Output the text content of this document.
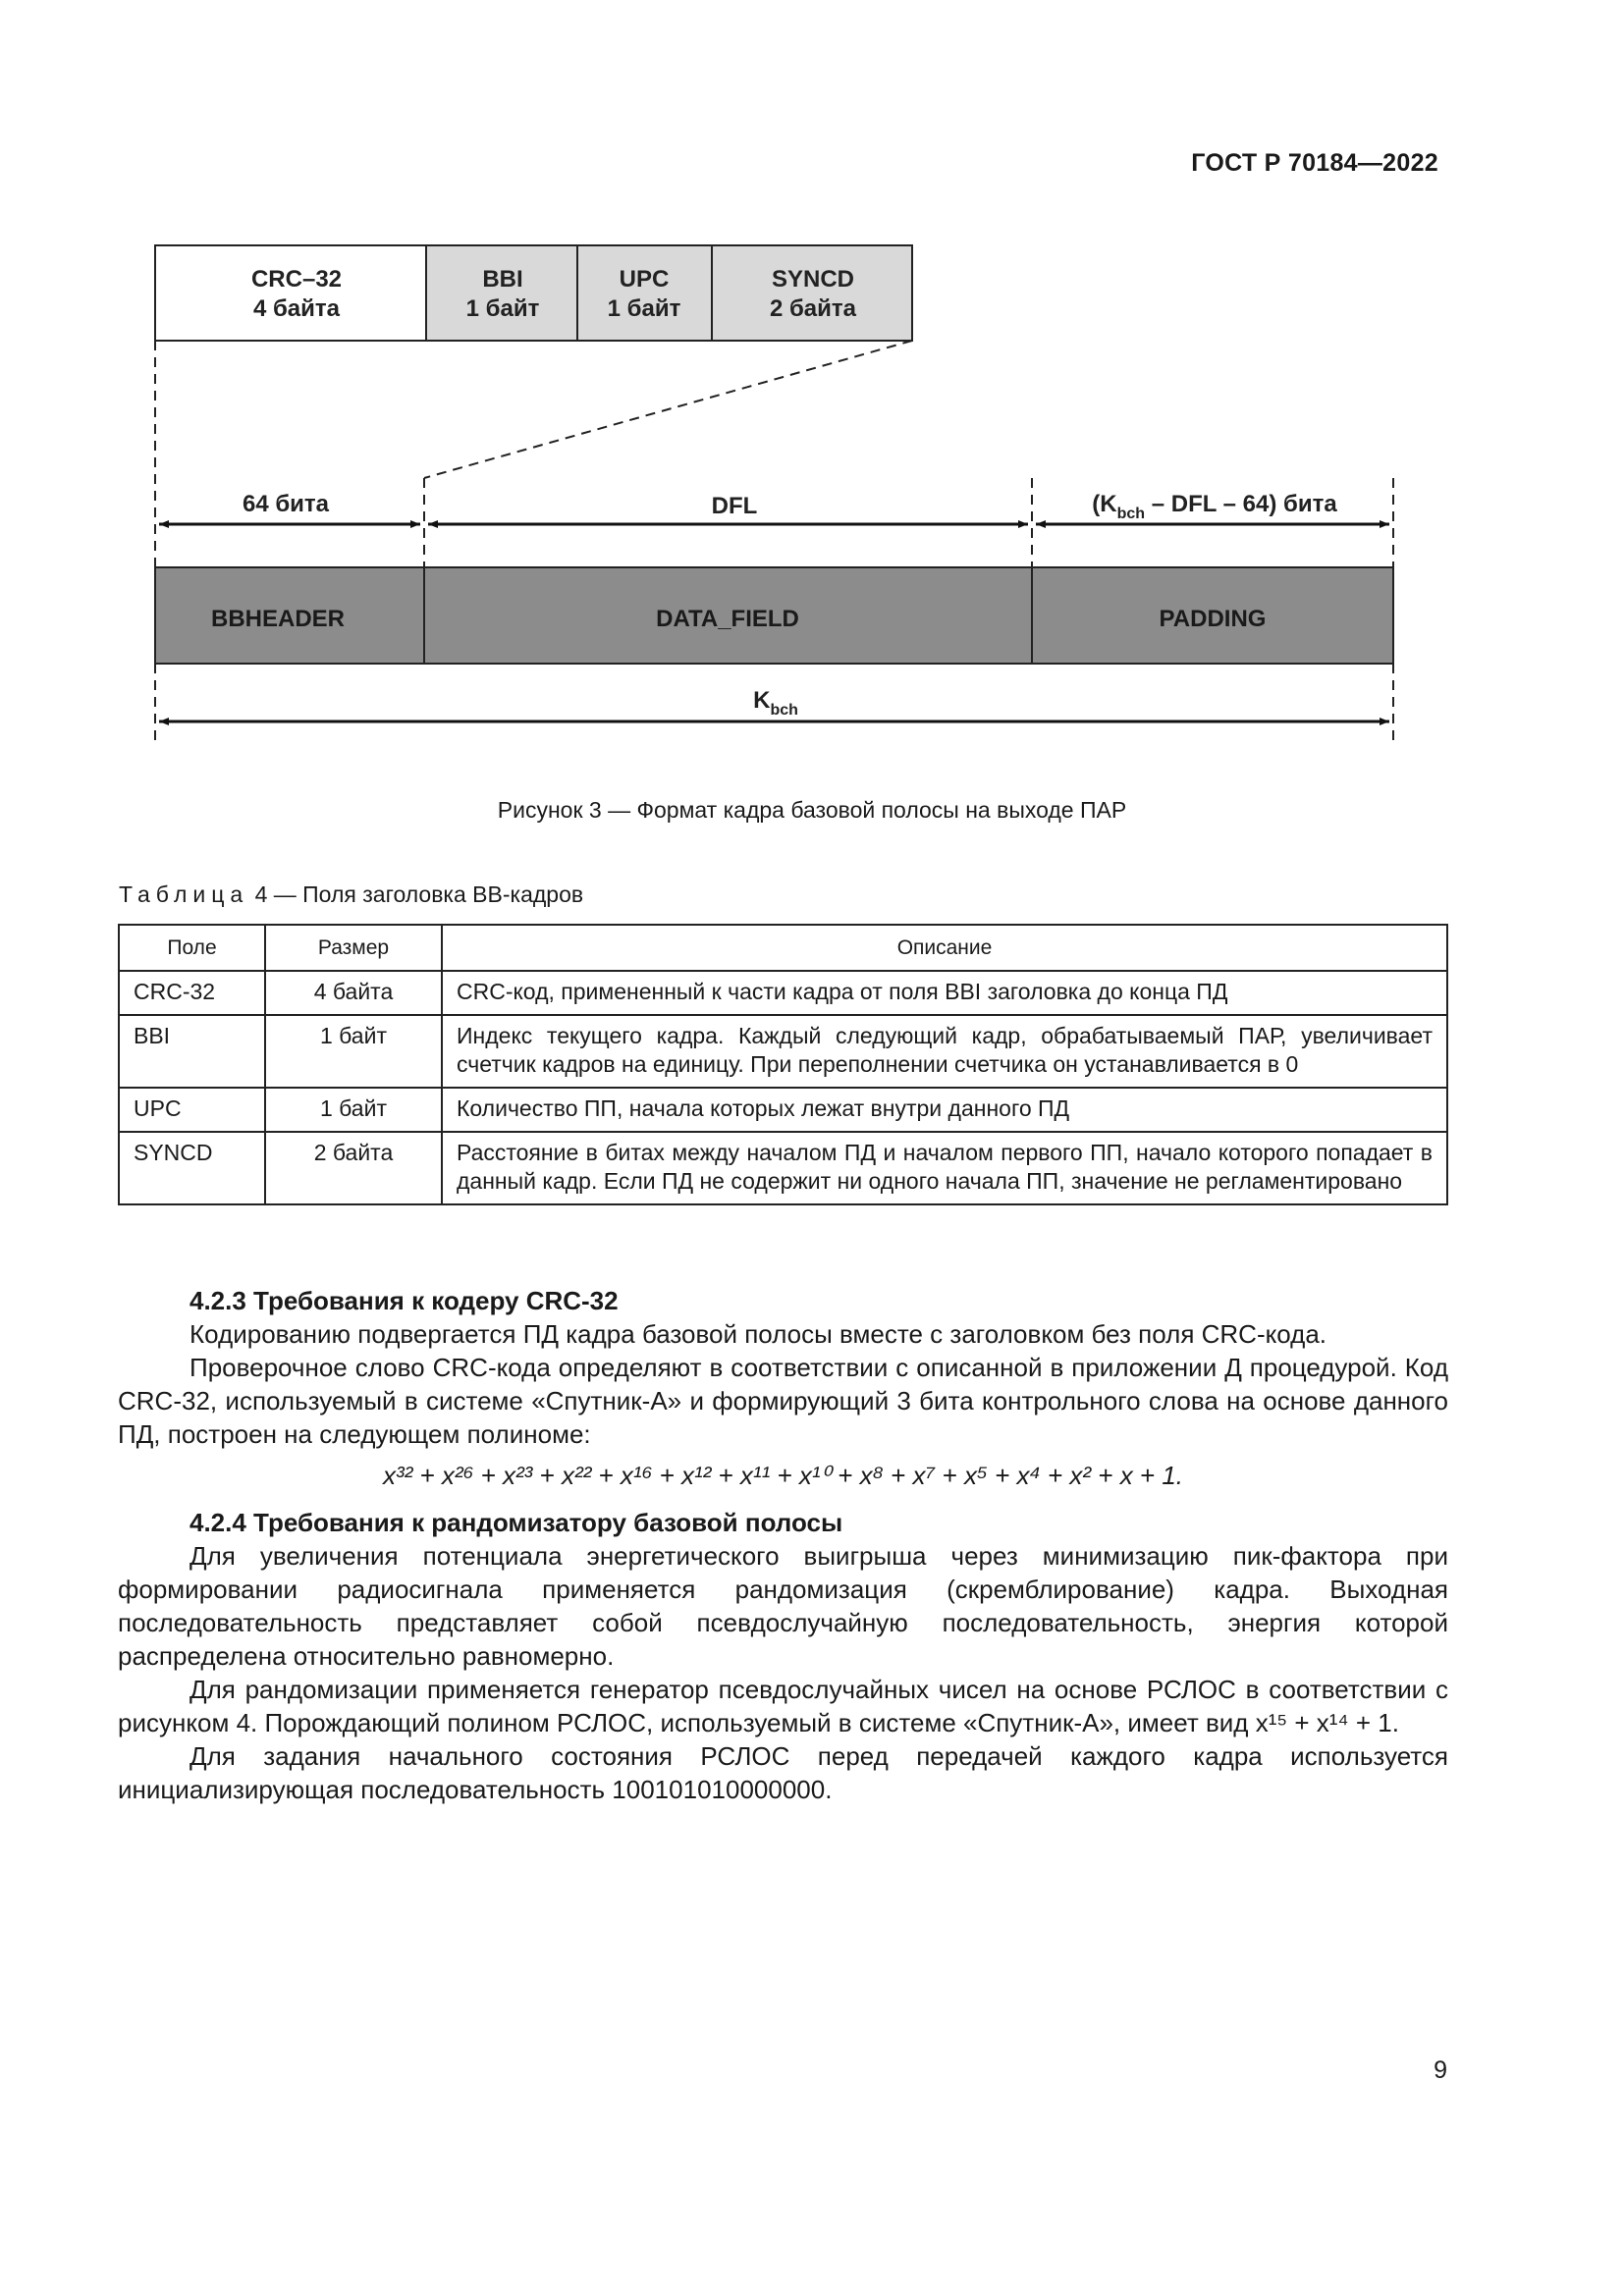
ГОСТ Р 70184—2022
CRC–32
4 байта
BBI
1 байт
UPC
1 байт
SYNCD
2 байта
64 бита	DFL	($K_{bch}$ – DFL – 64) бита
$K_{bch}$
BBHEADER	DATA_FIELD	PADDING
Рисунок 3 — Формат кадра базовой полосы на выходе ПАР
Таблица 4 — Поля заголовка BB-кадров
Поле	Размер	Описание
CRC-32	4 байта	CRC-код, примененный к части кадра от поля BBI заголовка до конца ПД
BBI	1 байт	Индекс текущего кадра. Каждый следующий кадр, обрабатываемый ПАР, увеличивает счетчик кадров на единицу. При переполнении счетчика он устанавливается в 0
UPC	1 байт	Количество ПП, начала которых лежат внутри данного ПД
SYNCD	2 байта	Расстояние в битах между началом ПД и началом первого ПП, начало которого попадает в данный кадр. Если ПД не содержит ни одного начала ПП, значение не регламентировано
4.2.3 Требования к кодеру CRC-32

Кодированию подвергается ПД кадра базовой полосы вместе с заголовком без поля CRC-кода.

Проверочное слово CRC-кода определяют в соответствии с описанной в приложении Д процедурой. Код CRC-32, используемый в системе «Спутник-А» и формирующий 3 бита контрольного слова на основе данного ПД, построен на следующем полиноме:

x³² + x²⁶ + x²³ + x²² + x¹⁶ + x¹² + x¹¹ + x¹⁰ + x⁸ + x⁷ + x⁵ + x⁴ + x² + x + 1.

4.2.4 Требования к рандомизатору базовой полосы

Для увеличения потенциала энергетического выигрыша через минимизацию пик-фактора при формировании радиосигнала применяется рандомизация (скремблирование) кадра. Выходная последовательность представляет собой псевдослучайную последовательность, энергия которой распределена относительно равномерно.

Для рандомизации применяется генератор псевдослучайных чисел на основе РСЛОС в соответствии с рисунком 4. Порождающий полином РСЛОС, используемый в системе «Спутник-А», имеет вид x¹⁵ + x¹⁴ + 1.

Для задания начального состояния РСЛОС перед передачей каждого кадра используется инициализирующая последовательность 100101010000000.

9
